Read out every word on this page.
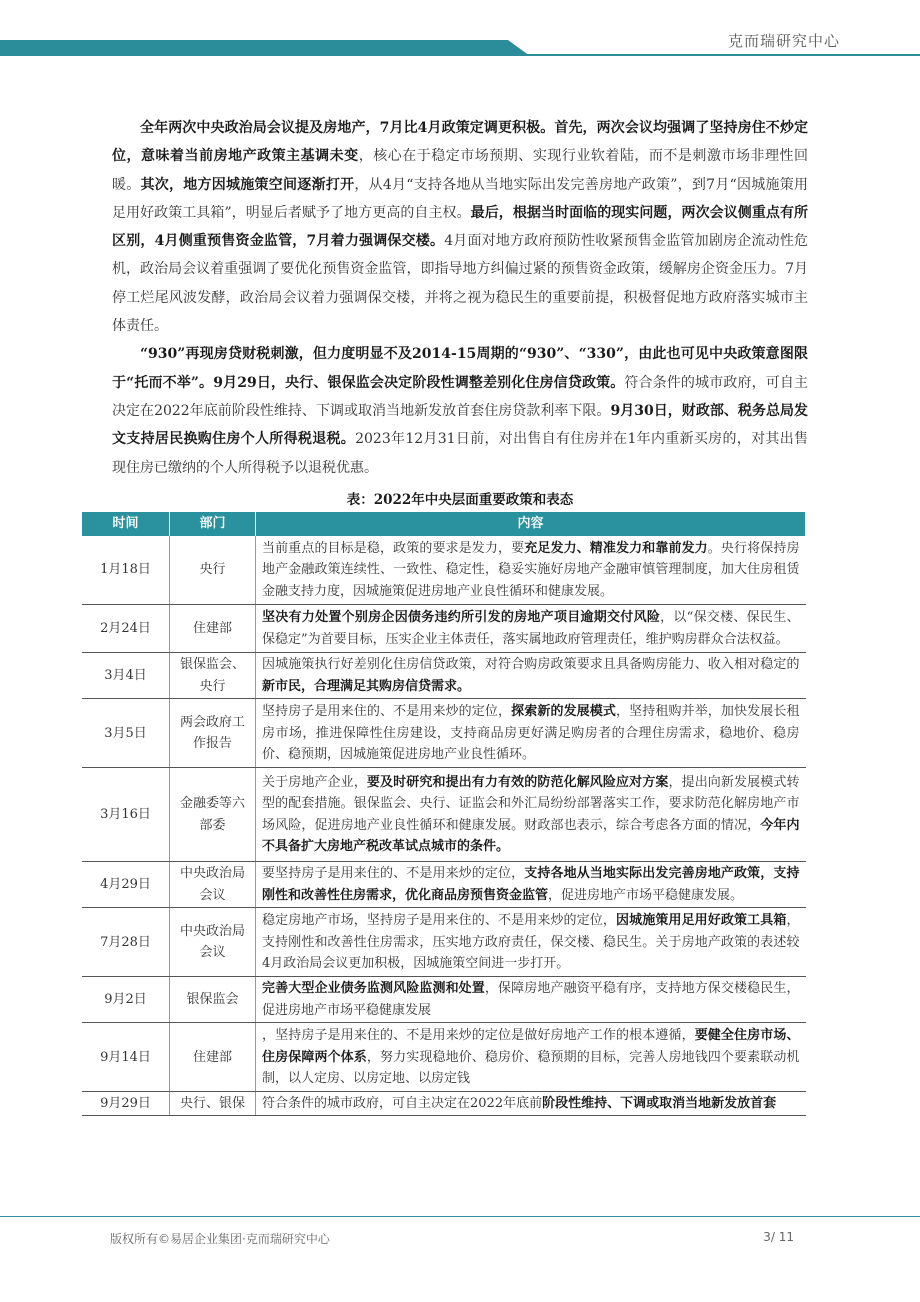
克而瑞研究中心

全年两次中央政治局会议提及房地产，7月比4月政策定调更积极。首先，两次会议均强调了坚持房住不炒定位，意味着当前房地产政策主基调未变，核心在于稳定市场预期、实现行业软着陆，而不是刺激市场非理性回暖。其次，地方因城施策空间逐渐打开，从4月“支持各地从当地实际出发完善房地产政策”，到7月“因城施策用足用好政策工具箱”，明显后者赋予了地方更高的自主权。最后，根据当时面临的现实问题，两次会议侧重点有所区别，4月侧重预售资金监管，7月着力强调保交楼。4月面对地方政府预防性收紧预售金监管加剧房企流动性危机，政治局会议着重强调了要优化预售资金监管，即指导地方纠偏过紧的预售资金政策，缓解房企资金压力。7月停工烂尾风波发酵，政治局会议着力强调保交楼，并将之视为稳民生的重要前提，积极督促地方政府落实城市主体责任。

“930”再现房贷财税刺激，但力度明显不及2014-15周期的“930”、“330”，由此也可见中央政策意图限于“托而不举”。9月29日，央行、银保监会决定阶段性调整差别化住房信贷政策。符合条件的城市政府，可自主决定在2022年底前阶段性维持、下调或取消当地新发放首套住房贷款利率下限。9月30日，财政部、税务总局发文支持居民换购住房个人所得税退税。2023年12月31日前，对出售自有住房并在1年内重新买房的，对其出售现住房已缴纳的个人所得税予以退税优惠。

表：2022年中央层面重要政策和表态
时间	部门	内容
1月18日	央行	当前重点的目标是稳，政策的要求是发力，要充足发力、精准发力和靠前发力。央行将保持房地产金融政策连续性、一致性、稳定性，稳妥实施好房地产金融审慎管理制度，加大住房租赁金融支持力度，因城施策促进房地产业良性循环和健康发展。
2月24日	住建部	坚决有力处置个别房企因债务违约所引发的房地产项目逾期交付风险，以“保交楼、保民生、保稳定”为首要目标，压实企业主体责任，落实属地政府管理责任，维护购房群众合法权益。
3月4日	银保监会、央行	因城施策执行好差别化住房信贷政策，对符合购房政策要求且具备购房能力、收入相对稳定的新市民，合理满足其购房信贷需求。
3月5日	两会政府工作报告	坚持房子是用来住的、不是用来炒的定位，探索新的发展模式，坚持租购并举，加快发展长租房市场，推进保障性住房建设，支持商品房更好满足购房者的合理住房需求，稳地价、稳房价、稳预期，因城施策促进房地产业良性循环。
3月16日	金融委等六部委	关于房地产企业，要及时研究和提出有力有效的防范化解风险应对方案，提出向新发展模式转型的配套措施。银保监会、央行、证监会和外汇局纷纷部署落实工作，要求防范化解房地产市场风险，促进房地产业良性循环和健康发展。财政部也表示，综合考虑各方面的情况，今年内不具备扩大房地产税改革试点城市的条件。
4月29日	中央政治局会议	要坚持房子是用来住的、不是用来炒的定位，支持各地从当地实际出发完善房地产政策，支持刚性和改善性住房需求，优化商品房预售资金监管，促进房地产市场平稳健康发展。
7月28日	中央政治局会议	稳定房地产市场，坚持房子是用来住的、不是用来炒的定位，因城施策用足用好政策工具箱，支持刚性和改善性住房需求，压实地方政府责任，保交楼、稳民生。关于房地产政策的表述较4月政治局会议更加积极，因城施策空间进一步打开。
9月2日	银保监会	完善大型企业债务监测风险监测和处置，保障房地产融资平稳有序，支持地方保交楼稳民生，促进房地产市场平稳健康发展
9月14日	住建部	，坚持房子是用来住的、不是用来炒的定位是做好房地产工作的根本遵循，要健全住房市场、住房保障两个体系，努力实现稳地价、稳房价、稳预期的目标，完善人房地钱四个要素联动机制，以人定房、以房定地、以房定钱
9月29日	央行、银保	符合条件的城市政府，可自主决定在2022年底前阶段性维持、下调或取消当地新发放首套
版权所有©易居企业集团·克而瑞研究中心	3/ 11
